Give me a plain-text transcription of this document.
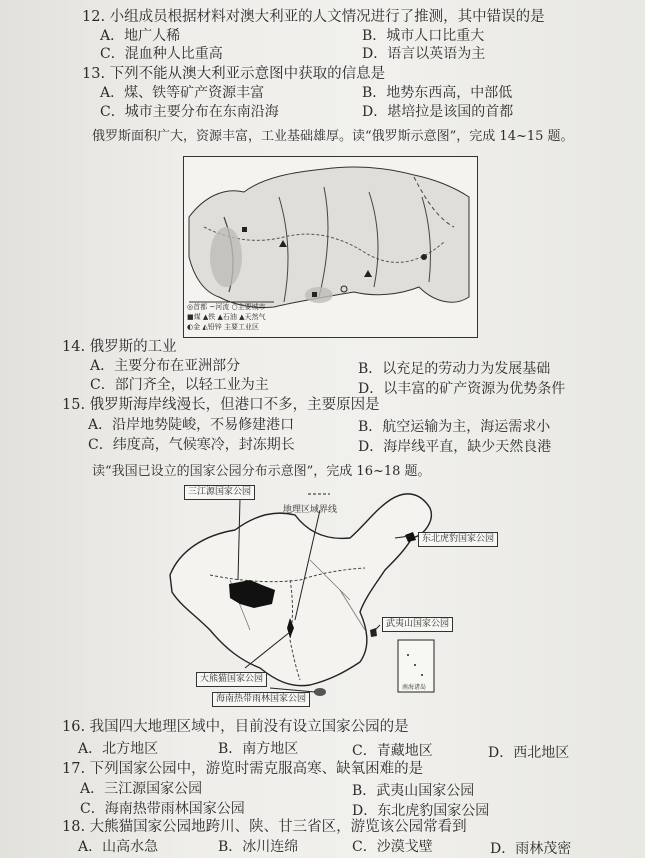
12. 小组成员根据材料对澳大利亚的人文情况进行了推测，其中错误的是
A．地广人稀	B．城市人口比重大
C．混血种人比重高	D．语言以英语为主
13. 下列不能从澳大利亚示意图中获取的信息是
A．煤、铁等矿产资源丰富	B．地势东西高，中部低
C．城市主要分布在东南沿海	D．堪培拉是该国的首都
俄罗斯面积广大，资源丰富，工业基础雄厚。读“俄罗斯示意图”，完成 14~15 题。
◎首都 ~河流 ○主要城市
■煤 ▲铁 ▲石油 ▲天然气
◐金 ◭铅锌 主要工业区
14. 俄罗斯的工业
A．主要分布在亚洲部分	B．以充足的劳动力为发展基础
C．部门齐全，以轻工业为主	D．以丰富的矿产资源为优势条件
15. 俄罗斯海岸线漫长，但港口不多，主要原因是
A．沿岸地势陡峻，不易修建港口	B．航空运输为主，海运需求小
C．纬度高，气候寒冷，封冻期长	D．海岸线平直，缺少天然良港
读“我国已设立的国家公园分布示意图”，完成 16~18 题。
三江源国家公园
地理区域界线
东北虎豹国家公园
武夷山国家公园
大熊猫国家公园
海南热带雨林国家公园
南海诸岛
16. 我国四大地理区域中，目前没有设立国家公园的是
A．北方地区	B．南方地区	C．青藏地区	D．西北地区
17. 下列国家公园中，游览时需克服高寒、缺氧困难的是
A．三江源国家公园	B．武夷山国家公园
C．海南热带雨林国家公园	D．东北虎豹国家公园
18. 大熊猫国家公园地跨川、陕、甘三省区，游览该公园常看到
A．山高水急	B．冰川连绵	C．沙漠戈壁	D．雨林茂密
